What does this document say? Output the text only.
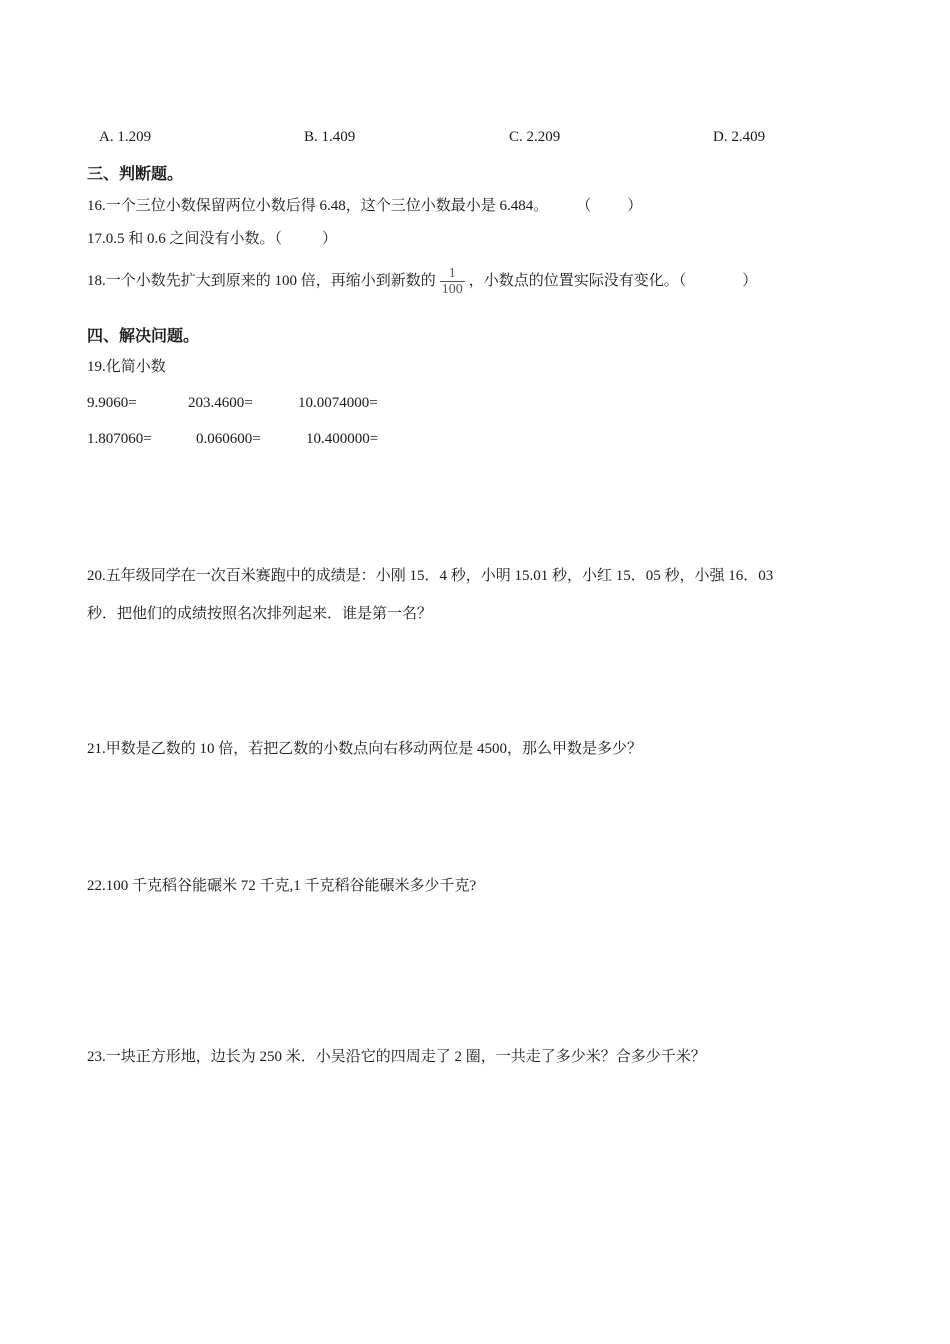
A. 1.209	B. 1.409	C. 2.209	D. 2.409
三、判断题。
16.一个三位小数保留两位小数后得 6.48，这个三位小数最小是 6.484。 （ ）
17.0.5 和 0.6 之间没有小数。（	）
18.一个小数先扩大到原来的 100 倍，再缩小到新数的 $\frac{1}{100}$ ，小数点的位置实际没有变化。（	）
四、解决问题。
19.化简小数
9.9060=	203.4600=	10.0074000=
1.807060=	0.060600=	10.400000=
20.五年级同学在一次百米赛跑中的成绩是：小刚 15．4 秒，小明 15.01 秒，小红 15．05 秒，小强 16．03
秒．把他们的成绩按照名次排列起来．谁是第一名？
21.甲数是乙数的 10 倍，若把乙数的小数点向右移动两位是 4500，那么甲数是多少？
22.100 千克稻谷能碾米 72 千克,1 千克稻谷能碾米多少千克?
23.一块正方形地，边长为 250 米．小吴沿它的四周走了 2 圈，一共走了多少米？合多少千米？
